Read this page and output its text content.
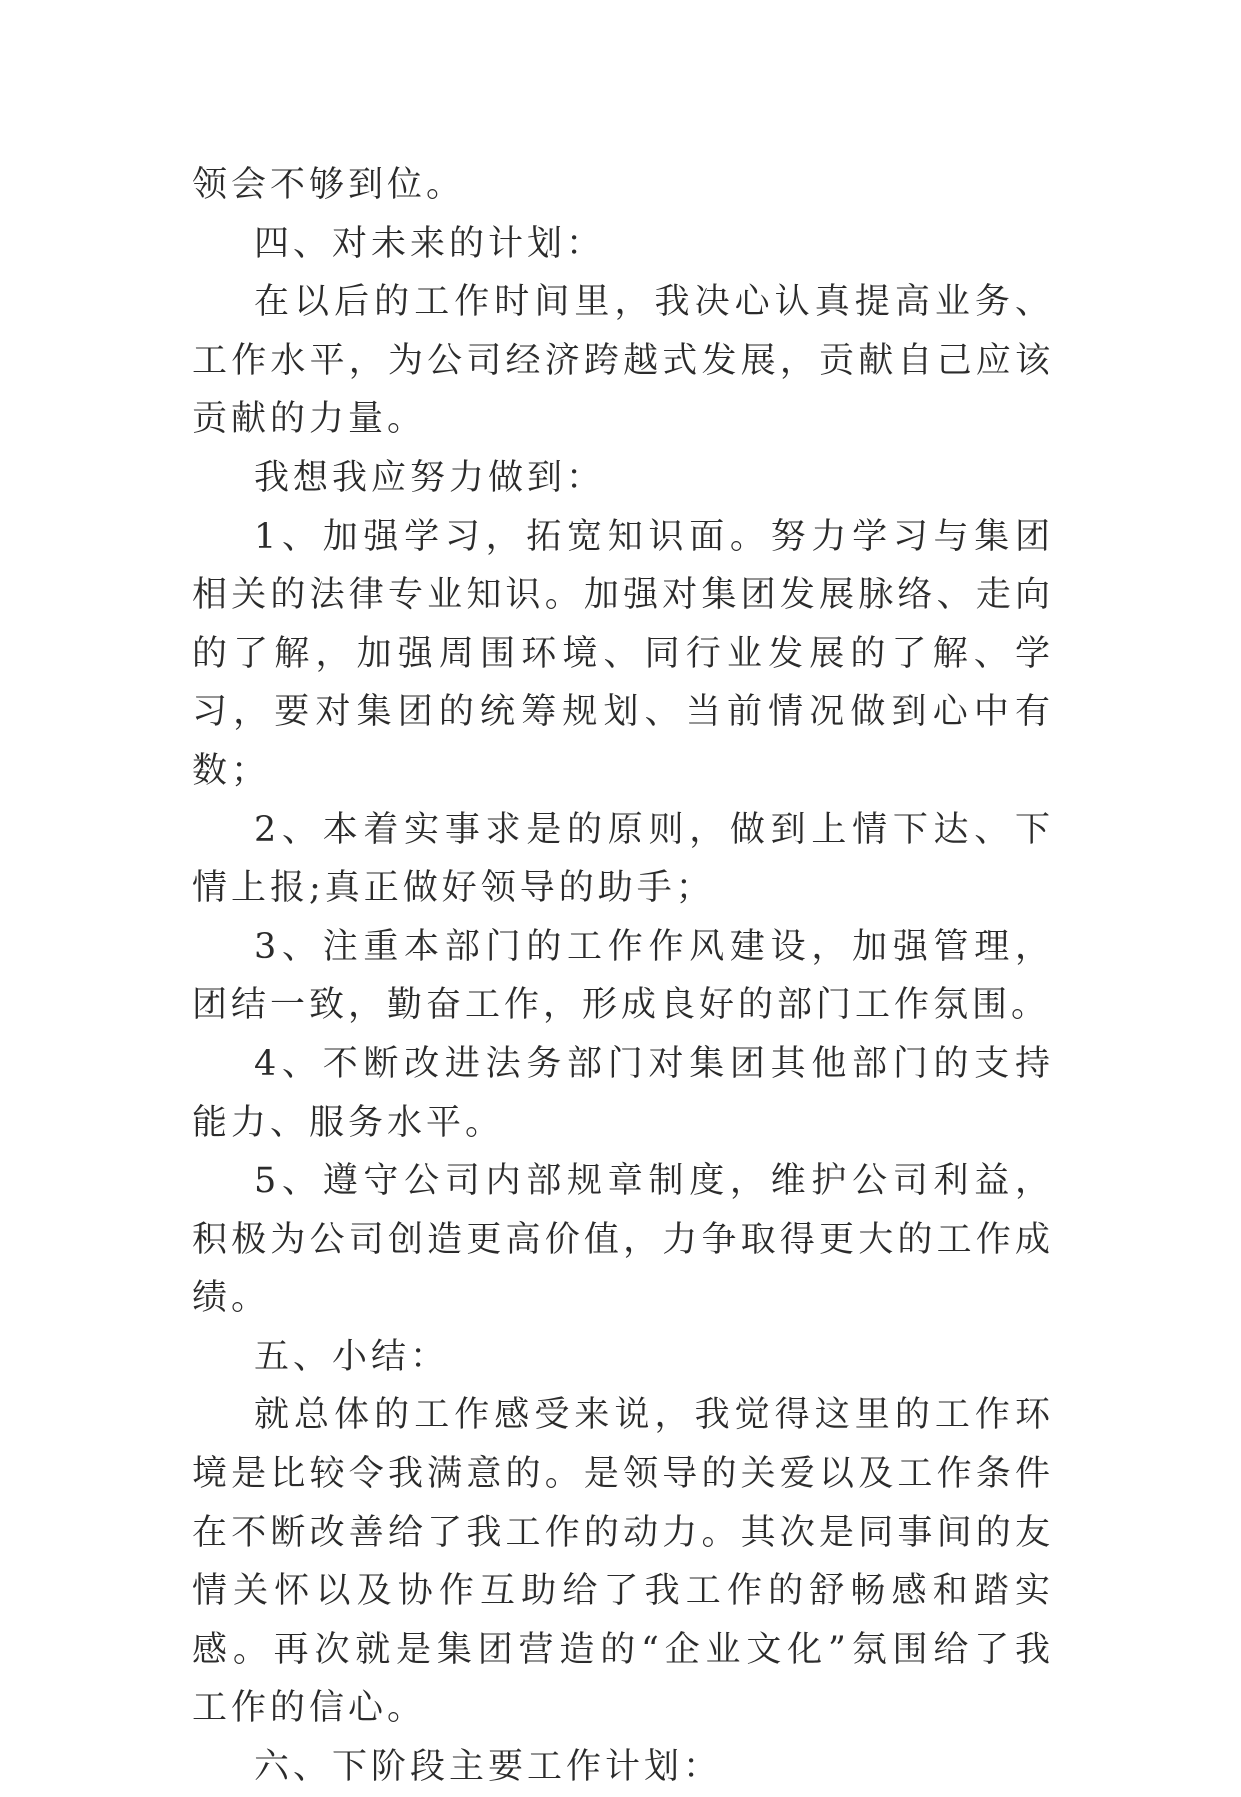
领会不够到位。

四、对未来的计划：

在以后的工作时间里，我决心认真提高业务、工作水平，为公司经济跨越式发展，贡献自己应该贡献的力量。

我想我应努力做到：

1、加强学习，拓宽知识面。努力学习与集团相关的法律专业知识。加强对集团发展脉络、走向的了解，加强周围环境、同行业发展的了解、学习，要对集团的统筹规划、当前情况做到心中有数；

2、本着实事求是的原则，做到上情下达、下情上报;真正做好领导的助手；

3、注重本部门的工作作风建设，加强管理，团结一致，勤奋工作，形成良好的部门工作氛围。

4、不断改进法务部门对集团其他部门的支持能力、服务水平。

5、遵守公司内部规章制度，维护公司利益，积极为公司创造更高价值，力争取得更大的工作成绩。

五、小结：

就总体的工作感受来说，我觉得这里的工作环境是比较令我满意的。是领导的关爱以及工作条件在不断改善给了我工作的动力。其次是同事间的友情关怀以及协作互助给了我工作的舒畅感和踏实感。再次就是集团营造的“企业文化”氛围给了我工作的信心。

六、下阶段主要工作计划：
